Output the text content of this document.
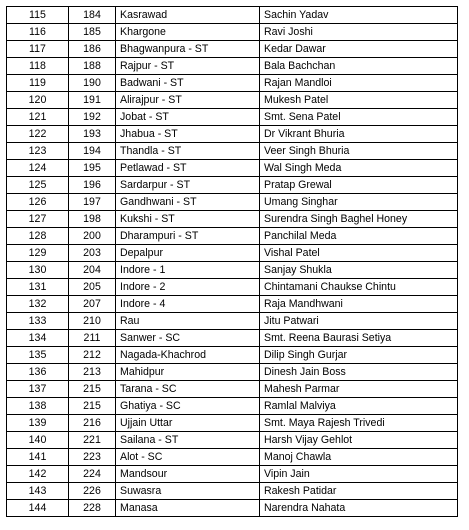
115	184	Kasrawad	Sachin Yadav
116	185	Khargone	Ravi Joshi
117	186	Bhagwanpura - ST	Kedar Dawar
118	188	Rajpur - ST	Bala Bachchan
119	190	Badwani - ST	Rajan Mandloi
120	191	Alirajpur - ST	Mukesh Patel
121	192	Jobat - ST	Smt. Sena Patel
122	193	Jhabua - ST	Dr Vikrant Bhuria
123	194	Thandla - ST	Veer Singh Bhuria
124	195	Petlawad - ST	Wal Singh Meda
125	196	Sardarpur - ST	Pratap Grewal
126	197	Gandhwani - ST	Umang Singhar
127	198	Kukshi - ST	Surendra Singh Baghel Honey
128	200	Dharampuri - ST	Panchilal Meda
129	203	Depalpur	Vishal Patel
130	204	Indore - 1	Sanjay Shukla
131	205	Indore - 2	Chintamani Chaukse Chintu
132	207	Indore - 4	Raja Mandhwani
133	210	Rau	Jitu Patwari
134	211	Sanwer - SC	Smt. Reena Baurasi Setiya
135	212	Nagada-Khachrod	Dilip Singh Gurjar
136	213	Mahidpur	Dinesh Jain Boss
137	215	Tarana - SC	Mahesh Parmar
138	215	Ghatiya - SC	Ramlal Malviya
139	216	Ujjain Uttar	Smt. Maya Rajesh Trivedi
140	221	Sailana - ST	Harsh Vijay Gehlot
141	223	Alot - SC	Manoj Chawla
142	224	Mandsour	Vipin Jain
143	226	Suwasra	Rakesh Patidar
144	228	Manasa	Narendra Nahata
